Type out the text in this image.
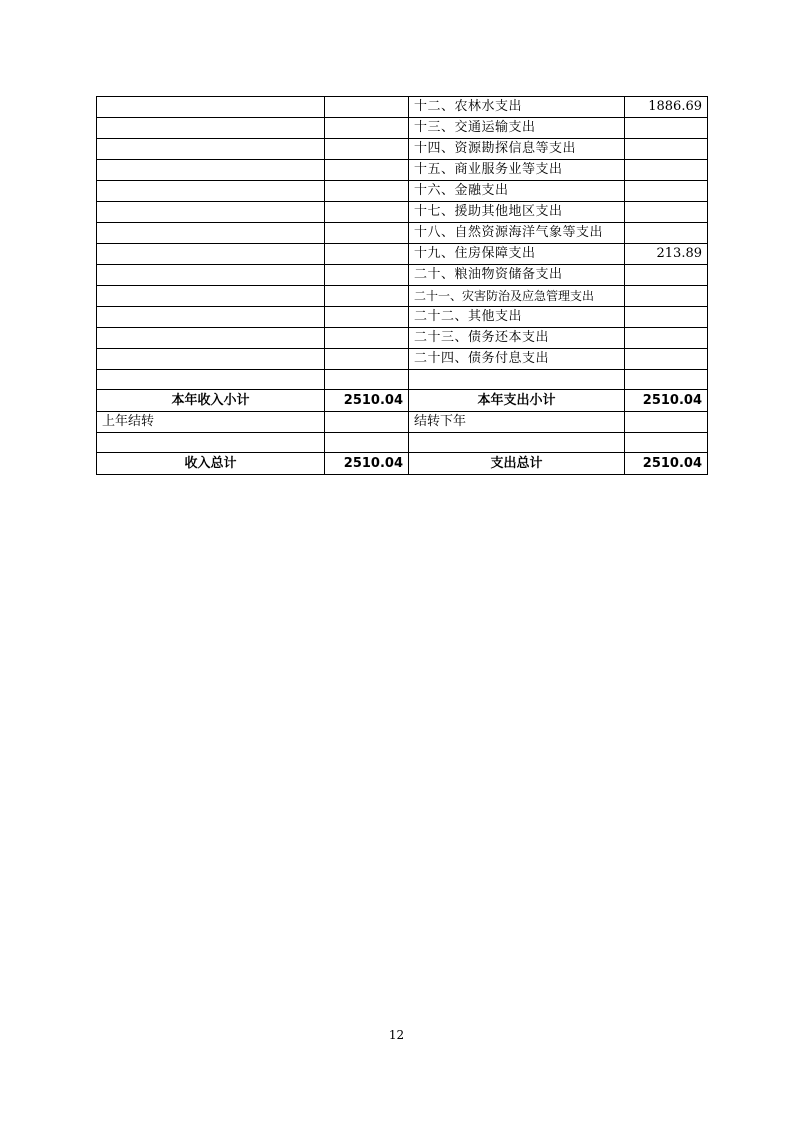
		十二、农林水支出	1886.69
		十三、交通运输支出	
		十四、资源勘探信息等支出	
		十五、商业服务业等支出	
		十六、金融支出	
		十七、援助其他地区支出	
		十八、自然资源海洋气象等支出	
		十九、住房保障支出	213.89
		二十、粮油物资储备支出	
		二十一、灾害防治及应急管理支出	
		二十二、其他支出	
		二十三、债务还本支出	
		二十四、债务付息支出	

本年收入小计	2510.04	本年支出小计	2510.04
上年结转		结转下年	

收入总计	2510.04	支出总计	2510.04
12
